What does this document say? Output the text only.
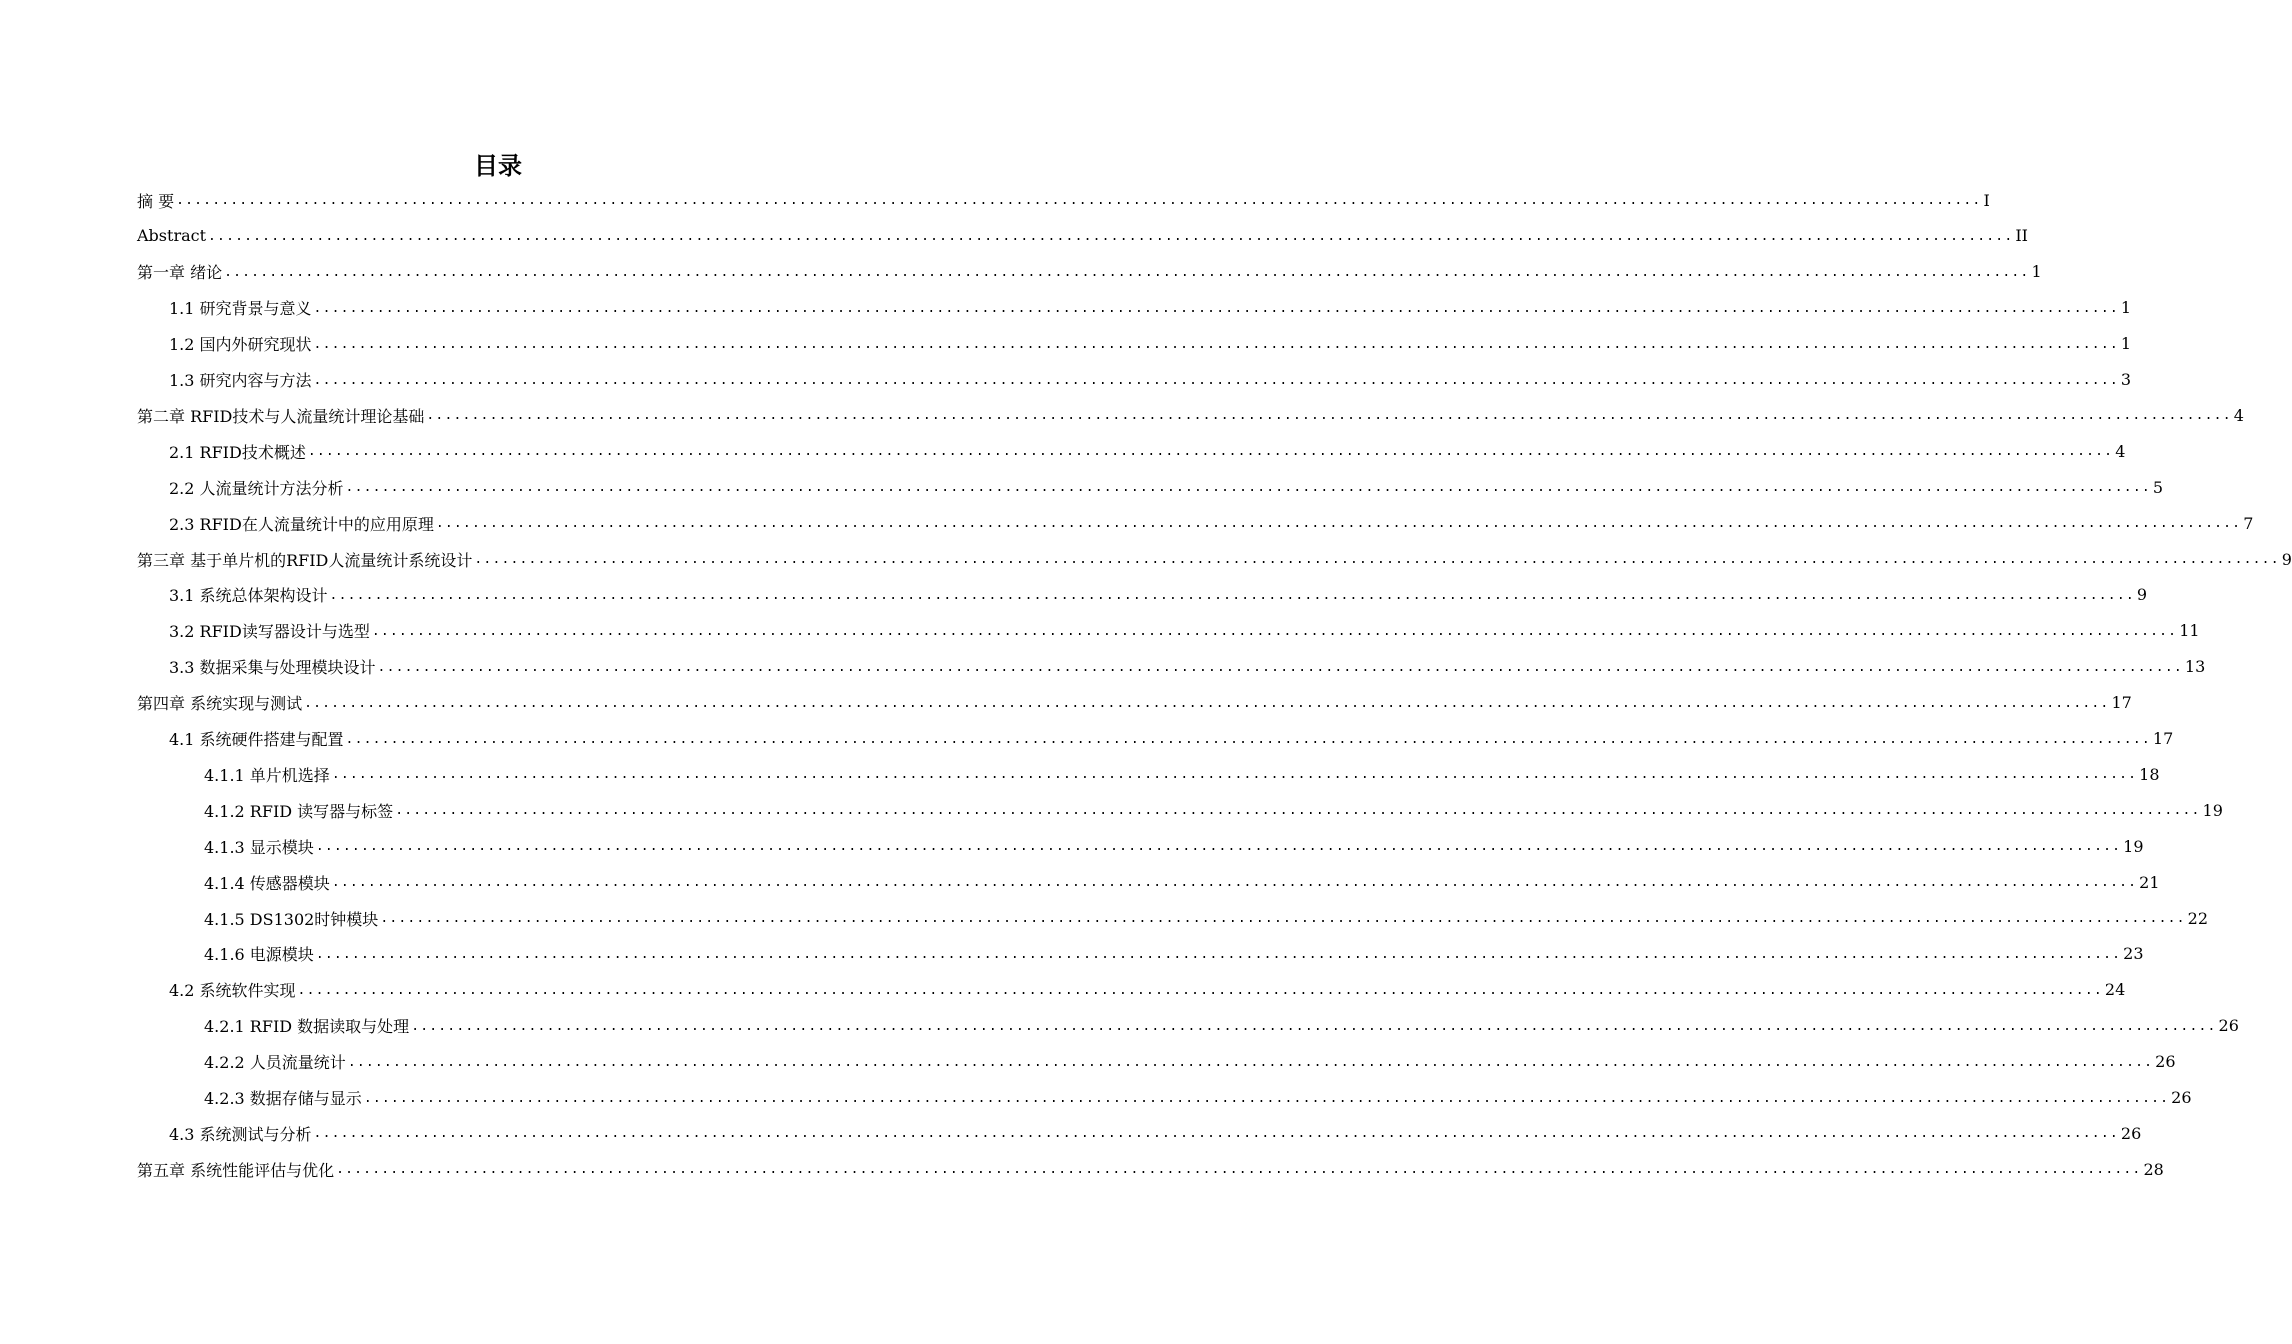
目录
摘 要 ........................................................................................................................................................................................................ I
Abstract ........................................................................................................................................................................................................ II
第一章 绪论 ........................................................................................................................................................................................................ 1
1.1 研究背景与意义 ........................................................................................................................................................................................................ 1
1.2 国内外研究现状 ........................................................................................................................................................................................................ 1
1.3 研究内容与方法 ........................................................................................................................................................................................................ 3
第二章 RFID技术与人流量统计理论基础 ........................................................................................................................................................................................................ 4
2.1 RFID技术概述 ........................................................................................................................................................................................................ 4
2.2 人流量统计方法分析 ........................................................................................................................................................................................................ 5
2.3 RFID在人流量统计中的应用原理 ........................................................................................................................................................................................................ 7
第三章 基于单片机的RFID人流量统计系统设计 ........................................................................................................................................................................................................ 9
3.1 系统总体架构设计 ........................................................................................................................................................................................................ 9
3.2 RFID读写器设计与选型 ........................................................................................................................................................................................................ 11
3.3 数据采集与处理模块设计 ........................................................................................................................................................................................................ 13
第四章 系统实现与测试 ........................................................................................................................................................................................................ 17
4.1 系统硬件搭建与配置 ........................................................................................................................................................................................................ 17
4.1.1 单片机选择 ........................................................................................................................................................................................................ 18
4.1.2 RFID 读写器与标签 ........................................................................................................................................................................................................ 19
4.1.3 显示模块 ........................................................................................................................................................................................................ 19
4.1.4 传感器模块 ........................................................................................................................................................................................................ 21
4.1.5 DS1302时钟模块 ........................................................................................................................................................................................................ 22
4.1.6 电源模块 ........................................................................................................................................................................................................ 23
4.2 系统软件实现 ........................................................................................................................................................................................................ 24
4.2.1 RFID 数据读取与处理 ........................................................................................................................................................................................................ 26
4.2.2 人员流量统计 ........................................................................................................................................................................................................ 26
4.2.3 数据存储与显示 ........................................................................................................................................................................................................ 26
4.3 系统测试与分析 ........................................................................................................................................................................................................ 26
第五章 系统性能评估与优化 ........................................................................................................................................................................................................ 28
